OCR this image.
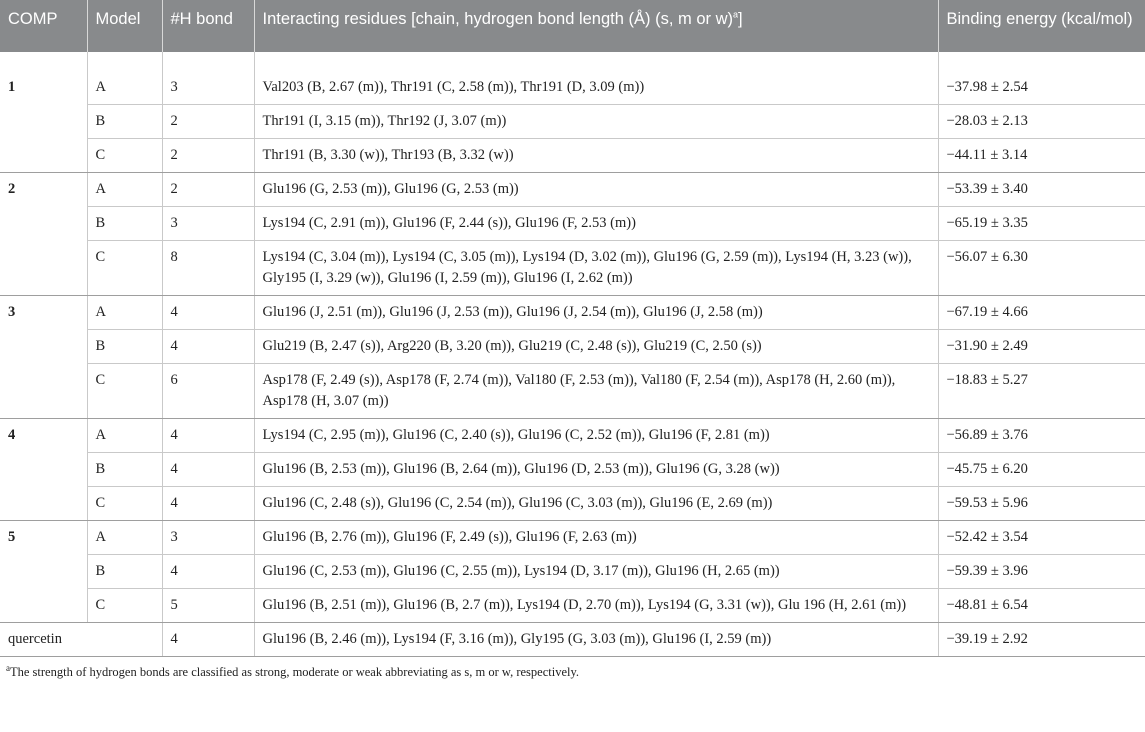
COMP	Model	#H bond	Interacting residues [chain, hydrogen bond length (Å) (s, m or w)$^a$]	Binding energy (kcal/mol)
1	A	3	Val203 (B, 2.67 (m)), Thr191 (C, 2.58 (m)), Thr191 (D, 3.09 (m))	−37.98 ± 2.54
	B	2	Thr191 (I, 3.15 (m)), Thr192 (J, 3.07 (m))	−28.03 ± 2.13
	C	2	Thr191 (B, 3.30 (w)), Thr193 (B, 3.32 (w))	−44.11 ± 3.14
2	A	2	Glu196 (G, 2.53 (m)), Glu196 (G, 2.53 (m))	−53.39 ± 3.40
	B	3	Lys194 (C, 2.91 (m)), Glu196 (F, 2.44 (s)), Glu196 (F, 2.53 (m))	−65.19 ± 3.35
	C	8	Lys194 (C, 3.04 (m)), Lys194 (C, 3.05 (m)), Lys194 (D, 3.02 (m)), Glu196 (G, 2.59 (m)), Lys194 (H, 3.23 (w)), Gly195 (I, 3.29 (w)), Glu196 (I, 2.59 (m)), Glu196 (I, 2.62 (m))	−56.07 ± 6.30
3	A	4	Glu196 (J, 2.51 (m)), Glu196 (J, 2.53 (m)), Glu196 (J, 2.54 (m)), Glu196 (J, 2.58 (m))	−67.19 ± 4.66
	B	4	Glu219 (B, 2.47 (s)), Arg220 (B, 3.20 (m)), Glu219 (C, 2.48 (s)), Glu219 (C, 2.50 (s))	−31.90 ± 2.49
	C	6	Asp178 (F, 2.49 (s)), Asp178 (F, 2.74 (m)), Val180 (F, 2.53 (m)), Val180 (F, 2.54 (m)), Asp178 (H, 2.60 (m)), Asp178 (H, 3.07 (m))	−18.83 ± 5.27
4	A	4	Lys194 (C, 2.95 (m)), Glu196 (C, 2.40 (s)), Glu196 (C, 2.52 (m)), Glu196 (F, 2.81 (m))	−56.89 ± 3.76
	B	4	Glu196 (B, 2.53 (m)), Glu196 (B, 2.64 (m)), Glu196 (D, 2.53 (m)), Glu196 (G, 3.28 (w))	−45.75 ± 6.20
	C	4	Glu196 (C, 2.48 (s)), Glu196 (C, 2.54 (m)), Glu196 (C, 3.03 (m)), Glu196 (E, 2.69 (m))	−59.53 ± 5.96
5	A	3	Glu196 (B, 2.76 (m)), Glu196 (F, 2.49 (s)), Glu196 (F, 2.63 (m))	−52.42 ± 3.54
	B	4	Glu196 (C, 2.53 (m)), Glu196 (C, 2.55 (m)), Lys194 (D, 3.17 (m)), Glu196 (H, 2.65 (m))	−59.39 ± 3.96
	C	5	Glu196 (B, 2.51 (m)), Glu196 (B, 2.7 (m)), Lys194 (D, 2.70 (m)), Lys194 (G, 3.31 (w)), Glu 196 (H, 2.61 (m))	−48.81 ± 6.54
quercetin		4	Glu196 (B, 2.46 (m)), Lys194 (F, 3.16 (m)), Gly195 (G, 3.03 (m)), Glu196 (I, 2.59 (m))	−39.19 ± 2.92
$^a$The strength of hydrogen bonds are classified as strong, moderate or weak abbreviating as s, m or w, respectively.
